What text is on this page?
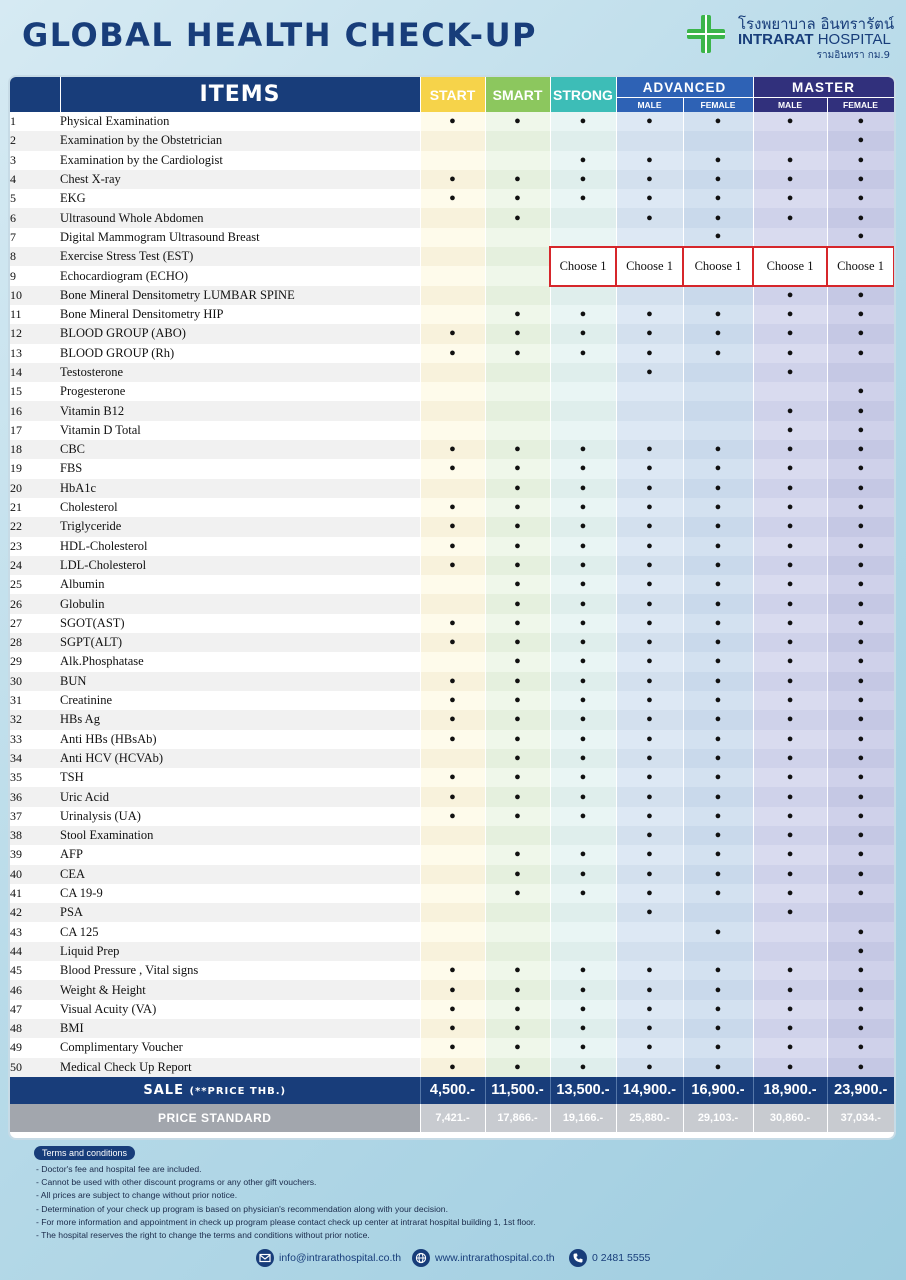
GLOBAL HEALTH CHECK-UP	โรงพยาบาล อินทรารัตน์
INTRARAT HOSPITAL
รามอินทรา กม.9
	ITEMS	START	SMART	STRONG	ADVANCED		MASTER	
					MALE	FEMALE	MALE	FEMALE
1	Physical Examination	●	●	●	●	●	●	●
2	Examination by the Obstetrician							●
3	Examination by the Cardiologist			●	●	●	●	●
4	Chest X-ray	●	●	●	●	●	●	●
5	EKG	●	●	●	●	●	●	●
6	Ultrasound Whole Abdomen		●		●	●	●	●
7	Digital Mammogram Ultrasound Breast					●		●
8	Exercise Stress Test (EST)			Choose 1	Choose 1	Choose 1	Choose 1	Choose 1
9	Echocardiogram (ECHO)							
10	Bone Mineral Densitometry LUMBAR SPINE						●	●
11	Bone Mineral Densitometry HIP		●	●	●	●	●	●
12	BLOOD GROUP (ABO)	●	●	●	●	●	●	●
13	BLOOD GROUP (Rh)	●	●	●	●	●	●	●
14	Testosterone				●		●	
15	Progesterone							●
16	Vitamin B12						●	●
17	Vitamin D Total						●	●
18	CBC	●	●	●	●	●	●	●
19	FBS	●	●	●	●	●	●	●
20	HbA1c		●	●	●	●	●	●
21	Cholesterol	●	●	●	●	●	●	●
22	Triglyceride	●	●	●	●	●	●	●
23	HDL-Cholesterol	●	●	●	●	●	●	●
24	LDL-Cholesterol	●	●	●	●	●	●	●
25	Albumin		●	●	●	●	●	●
26	Globulin		●	●	●	●	●	●
27	SGOT(AST)	●	●	●	●	●	●	●
28	SGPT(ALT)	●	●	●	●	●	●	●
29	Alk.Phosphatase		●	●	●	●	●	●
30	BUN	●	●	●	●	●	●	●
31	Creatinine	●	●	●	●	●	●	●
32	HBs Ag	●	●	●	●	●	●	●
33	Anti HBs (HBsAb)	●	●	●	●	●	●	●
34	Anti HCV (HCVAb)		●	●	●	●	●	●
35	TSH	●	●	●	●	●	●	●
36	Uric Acid	●	●	●	●	●	●	●
37	Urinalysis (UA)	●	●	●	●	●	●	●
38	Stool Examination				●	●	●	●
39	AFP		●	●	●	●	●	●
40	CEA		●	●	●	●	●	●
41	CA 19-9		●	●	●	●	●	●
42	PSA				●		●	
43	CA 125					●		●
44	Liquid Prep							●
45	Blood Pressure , Vital signs	●	●	●	●	●	●	●
46	Weight & Height	●	●	●	●	●	●	●
47	Visual Acuity (VA)	●	●	●	●	●	●	●
48	BMI	●	●	●	●	●	●	●
49	Complimentary Voucher	●	●	●	●	●	●	●
50	Medical Check Up Report	●	●	●	●	●	●	●
SALE (**PRICE THB.)		4,500.-	11,500.-	13,500.-	14,900.-	16,900.-	18,900.-	23,900.-
PRICE STANDARD		7,421.-	17,866.-	19,166.-	25,880.-	29,103.-	30,860.-	37,034.-
Terms and conditions
- Doctor's fee and hospital fee are included.
- Cannot be used with other discount programs or any other gift vouchers.
- All prices are subject to change without prior notice.
- Determination of your check up program is based on physician's recommendation along with your decision.
- For more information and appointment in check up program please contact check up center at intrarat hospital building 1, 1st floor.
- The hospital reserves the right to change the terms and conditions without prior notice.
info@intrarathospital.co.th	www.intrarathospital.co.th	0 2481 5555
